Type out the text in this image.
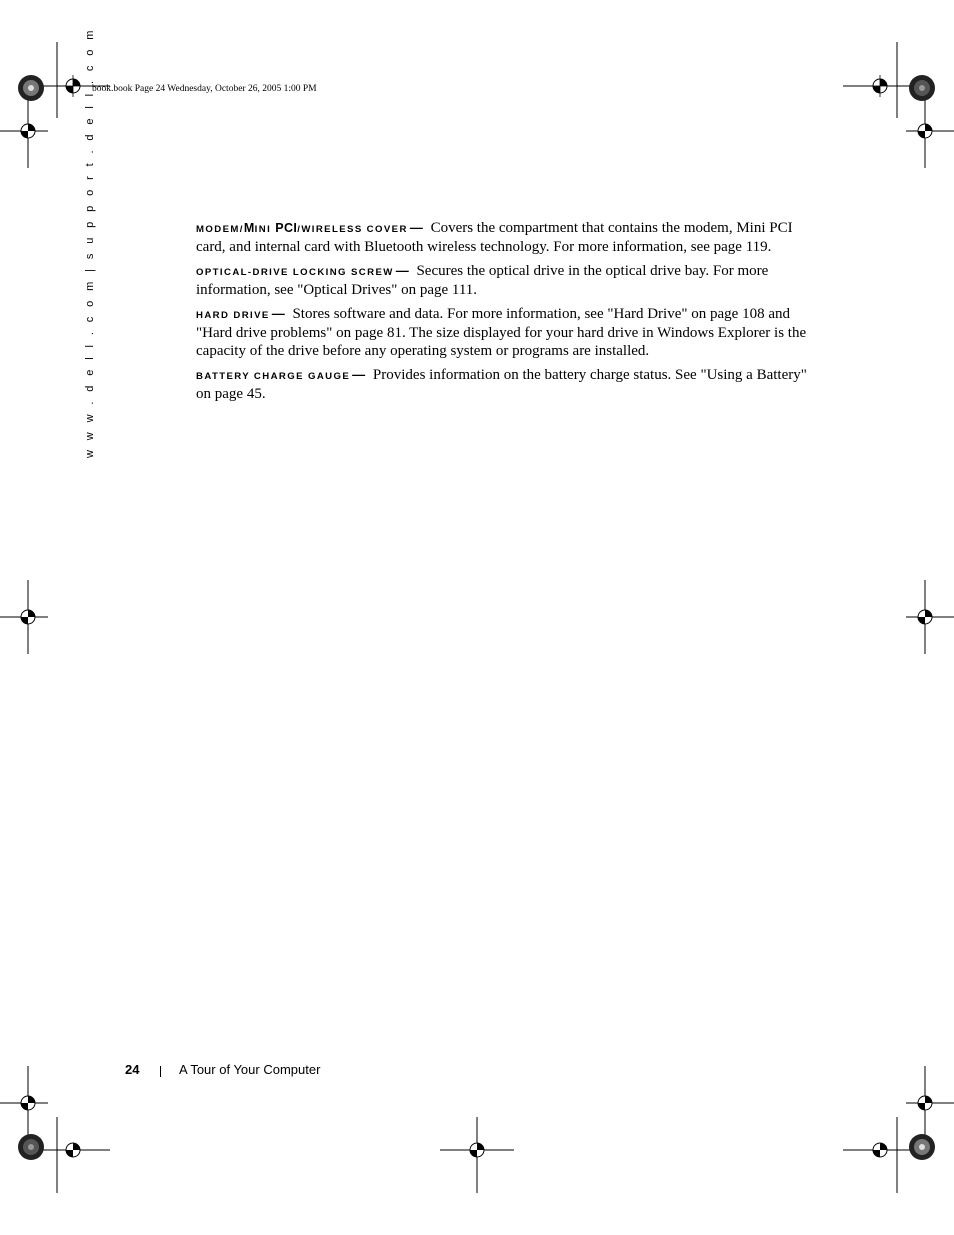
book.book Page 24 Wednesday, October 26, 2005 1:00 PM
w w w . d e l l . c o m | s u p p o r t . d e l l . c o m	MODEM/MINI PCI/WIRELESS COVER — Covers the compartment that contains the modem, Mini PCI card, and internal card with Bluetooth wireless technology. For more information, see page 119.

OPTICAL-DRIVE LOCKING SCREW — Secures the optical drive in the optical drive bay. For more information, see "Optical Drives" on page 111.

HARD DRIVE — Stores software and data. For more information, see "Hard Drive" on page 108 and "Hard drive problems" on page 81. The size displayed for your hard drive in Windows Explorer is the capacity of the drive before any operating system or programs are installed.

BATTERY CHARGE GAUGE — Provides information on the battery charge status. See "Using a Battery" on page 45.

24	A Tour of Your Computer
